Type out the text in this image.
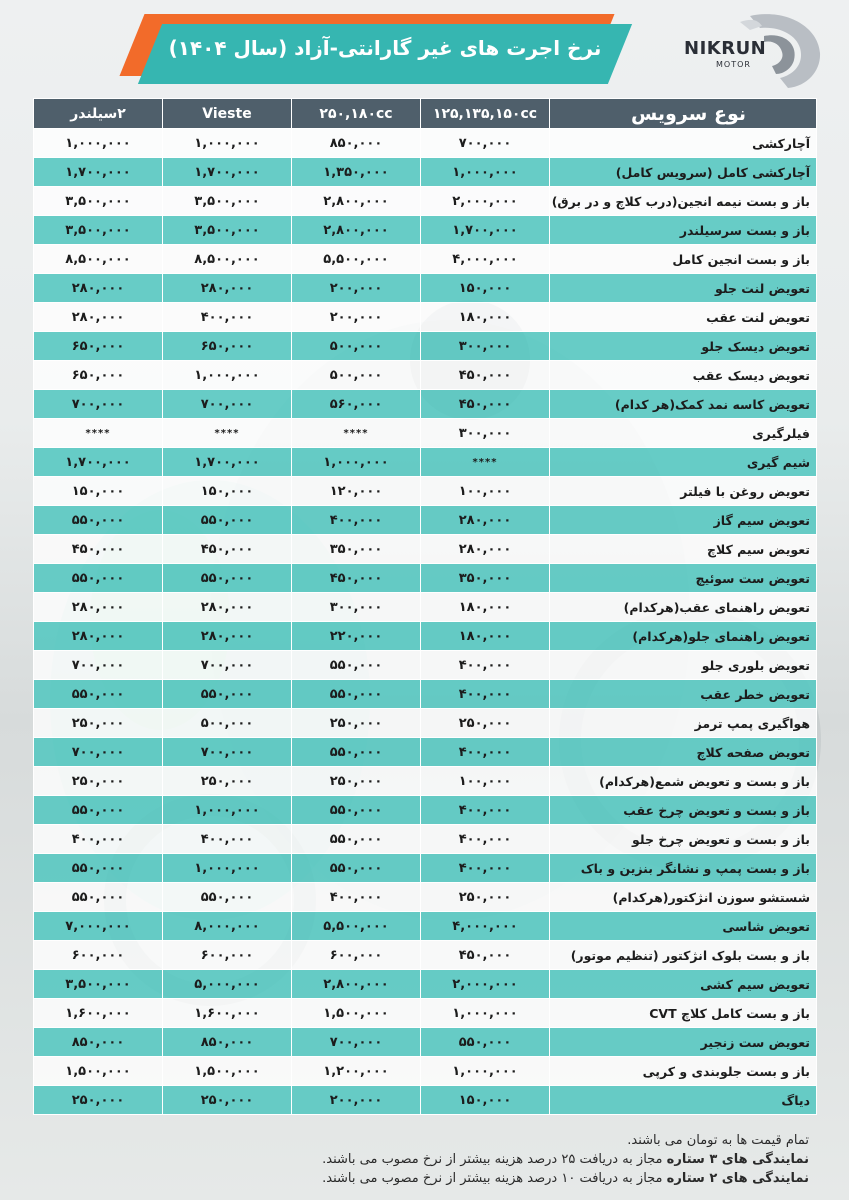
نرخ اجرت های غیر گارانتی-آزاد (سال ۱۴۰۴)	NIKRUN
MOTOR
نوع سرویس	۱۲۵,۱۳۵,۱۵۰cc	۲۵۰,۱۸۰cc	Vieste	۲سیلندر
آچارکشی	۷۰۰,۰۰۰	۸۵۰,۰۰۰	۱,۰۰۰,۰۰۰	۱,۰۰۰,۰۰۰
آچارکشی کامل (سرویس کامل)	۱,۰۰۰,۰۰۰	۱,۳۵۰,۰۰۰	۱,۷۰۰,۰۰۰	۱,۷۰۰,۰۰۰
باز و بست نیمه انجین(درب کلاچ و در برق)	۲,۰۰۰,۰۰۰	۲,۸۰۰,۰۰۰	۳,۵۰۰,۰۰۰	۳,۵۰۰,۰۰۰
باز و بست سرسیلندر	۱,۷۰۰,۰۰۰	۲,۸۰۰,۰۰۰	۳,۵۰۰,۰۰۰	۳,۵۰۰,۰۰۰
باز و بست انجین کامل	۴,۰۰۰,۰۰۰	۵,۵۰۰,۰۰۰	۸,۵۰۰,۰۰۰	۸,۵۰۰,۰۰۰
تعویض لنت جلو	۱۵۰,۰۰۰	۲۰۰,۰۰۰	۲۸۰,۰۰۰	۲۸۰,۰۰۰
تعویض لنت عقب	۱۸۰,۰۰۰	۲۰۰,۰۰۰	۴۰۰,۰۰۰	۲۸۰,۰۰۰
تعویض دیسک جلو	۳۰۰,۰۰۰	۵۰۰,۰۰۰	۶۵۰,۰۰۰	۶۵۰,۰۰۰
تعویض دیسک عقب	۴۵۰,۰۰۰	۵۰۰,۰۰۰	۱,۰۰۰,۰۰۰	۶۵۰,۰۰۰
تعویض کاسه نمد کمک(هر کدام)	۴۵۰,۰۰۰	۵۶۰,۰۰۰	۷۰۰,۰۰۰	۷۰۰,۰۰۰
فیلرگیری	۳۰۰,۰۰۰	****	****	****
شیم گیری	****	۱,۰۰۰,۰۰۰	۱,۷۰۰,۰۰۰	۱,۷۰۰,۰۰۰
تعویض روغن با فیلتر	۱۰۰,۰۰۰	۱۲۰,۰۰۰	۱۵۰,۰۰۰	۱۵۰,۰۰۰
تعویض سیم گاز	۲۸۰,۰۰۰	۴۰۰,۰۰۰	۵۵۰,۰۰۰	۵۵۰,۰۰۰
تعویض سیم کلاچ	۲۸۰,۰۰۰	۳۵۰,۰۰۰	۴۵۰,۰۰۰	۴۵۰,۰۰۰
تعویض ست سوئیچ	۳۵۰,۰۰۰	۴۵۰,۰۰۰	۵۵۰,۰۰۰	۵۵۰,۰۰۰
تعویض راهنمای عقب(هرکدام)	۱۸۰,۰۰۰	۳۰۰,۰۰۰	۲۸۰,۰۰۰	۲۸۰,۰۰۰
تعویض راهنمای جلو(هرکدام)	۱۸۰,۰۰۰	۲۲۰,۰۰۰	۲۸۰,۰۰۰	۲۸۰,۰۰۰
تعویض بلوری جلو	۴۰۰,۰۰۰	۵۵۰,۰۰۰	۷۰۰,۰۰۰	۷۰۰,۰۰۰
تعویض خطر عقب	۴۰۰,۰۰۰	۵۵۰,۰۰۰	۵۵۰,۰۰۰	۵۵۰,۰۰۰
هواگیری پمپ ترمز	۲۵۰,۰۰۰	۲۵۰,۰۰۰	۵۰۰,۰۰۰	۲۵۰,۰۰۰
تعویض صفحه کلاچ	۴۰۰,۰۰۰	۵۵۰,۰۰۰	۷۰۰,۰۰۰	۷۰۰,۰۰۰
باز و بست و تعویض شمع(هرکدام)	۱۰۰,۰۰۰	۲۵۰,۰۰۰	۲۵۰,۰۰۰	۲۵۰,۰۰۰
باز و بست و تعویض چرخ عقب	۴۰۰,۰۰۰	۵۵۰,۰۰۰	۱,۰۰۰,۰۰۰	۵۵۰,۰۰۰
باز و بست و تعویض چرخ جلو	۴۰۰,۰۰۰	۵۵۰,۰۰۰	۴۰۰,۰۰۰	۴۰۰,۰۰۰
باز و بست پمپ و نشانگر بنزین و باک	۴۰۰,۰۰۰	۵۵۰,۰۰۰	۱,۰۰۰,۰۰۰	۵۵۰,۰۰۰
شستشو سوزن انژکتور(هرکدام)	۲۵۰,۰۰۰	۴۰۰,۰۰۰	۵۵۰,۰۰۰	۵۵۰,۰۰۰
تعویض شاسی	۴,۰۰۰,۰۰۰	۵,۵۰۰,۰۰۰	۸,۰۰۰,۰۰۰	۷,۰۰۰,۰۰۰
باز و بست بلوک انژکتور (تنظیم موتور)	۴۵۰,۰۰۰	۶۰۰,۰۰۰	۶۰۰,۰۰۰	۶۰۰,۰۰۰
تعویض سیم کشی	۲,۰۰۰,۰۰۰	۲,۸۰۰,۰۰۰	۵,۰۰۰,۰۰۰	۳,۵۰۰,۰۰۰
باز و بست کامل کلاچ CVT	۱,۰۰۰,۰۰۰	۱,۵۰۰,۰۰۰	۱,۶۰۰,۰۰۰	۱,۶۰۰,۰۰۰
تعویض ست زنجیر	۵۵۰,۰۰۰	۷۰۰,۰۰۰	۸۵۰,۰۰۰	۸۵۰,۰۰۰
باز و بست جلوبندی و کرپی	۱,۰۰۰,۰۰۰	۱,۲۰۰,۰۰۰	۱,۵۰۰,۰۰۰	۱,۵۰۰,۰۰۰
دیاگ	۱۵۰,۰۰۰	۲۰۰,۰۰۰	۲۵۰,۰۰۰	۲۵۰,۰۰۰
تمام قیمت ها به تومان می باشند.
نمایندگی های ۳ ستاره مجاز به دریافت ۲۵ درصد هزینه بیشتر از نرخ مصوب می باشند.
نمایندگی های ۲ ستاره مجاز به دریافت ۱۰ درصد هزینه بیشتر از نرخ مصوب می باشند.
